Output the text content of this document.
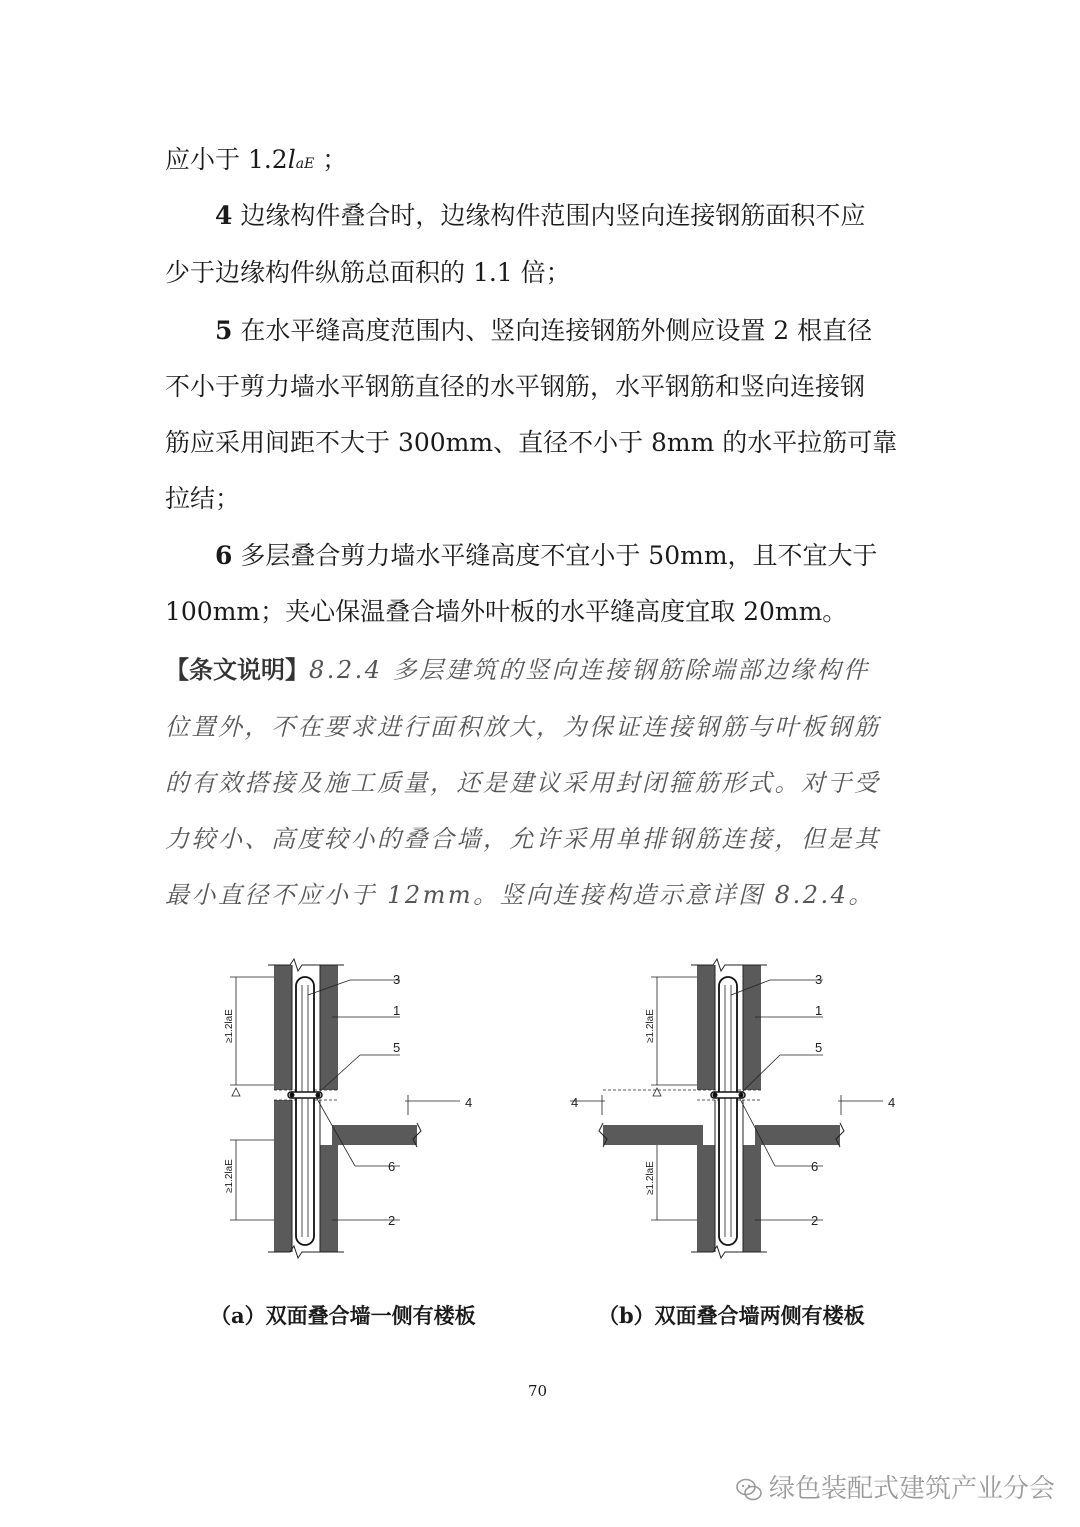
应小于 1.2laE ；
4 边缘构件叠合时，边缘构件范围内竖向连接钢筋面积不应
少于边缘构件纵筋总面积的 1.1 倍；
5 在水平缝高度范围内、竖向连接钢筋外侧应设置 2 根直径
不小于剪力墙水平钢筋直径的水平钢筋，水平钢筋和竖向连接钢
筋应采用间距不大于 300mm、直径不小于 8mm 的水平拉筋可靠
拉结；
6 多层叠合剪力墙水平缝高度不宜小于 50mm，且不宜大于
100mm；夹心保温叠合墙外叶板的水平缝高度宜取 20mm。
【条文说明】8.2.4 多层建筑的竖向连接钢筋除端部边缘构件
位置外，不在要求进行面积放大，为保证连接钢筋与叶板钢筋
的有效搭接及施工质量，还是建议采用封闭箍筋形式。对于受
力较小、高度较小的叠合墙，允许采用单排钢筋连接，但是其
最小直径不应小于 12mm。竖向连接构造示意详图 8.2.4。
≥1.2laE
≥1.2laE
3
1
5
4
6
2
≥1.2laE
≥1.2laE
3
1
5
4	4
6
2
（a）双面叠合墙一侧有楼板	（b）双面叠合墙两侧有楼板
70
绿色装配式建筑产业分会
